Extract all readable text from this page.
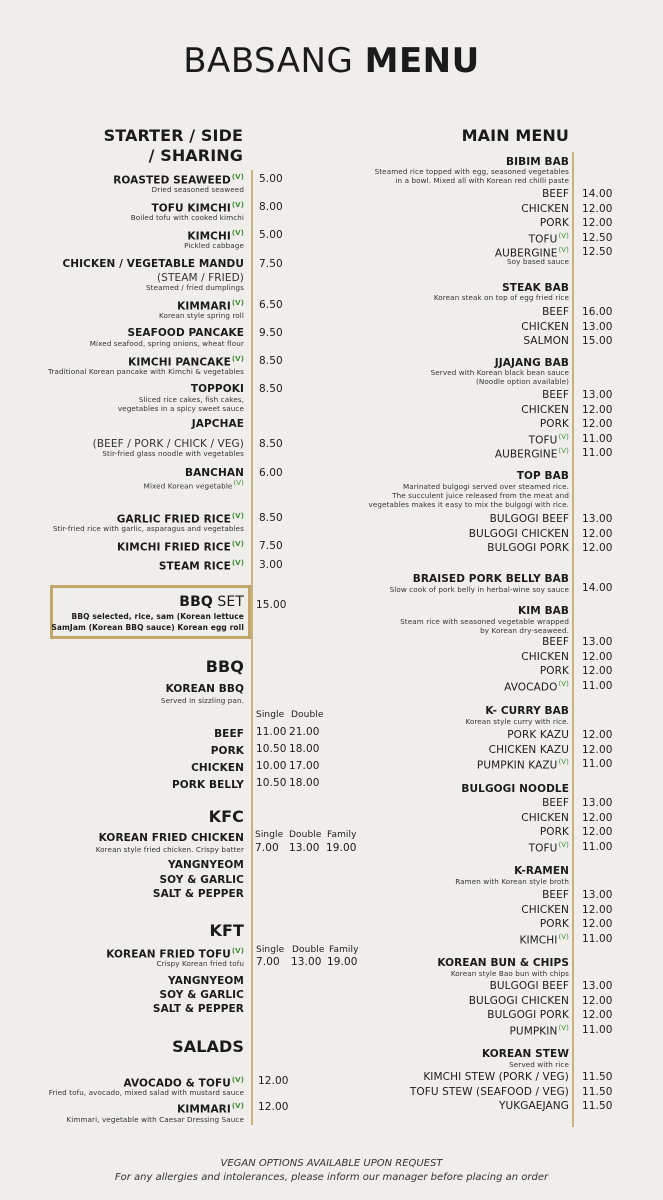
BABSANG MENU
STARTER / SIDE
/ SHARING
ROASTED $SEAWEED^{(V)}$
Dried seasoned seaweed
5.00
TOFU $KIMCHI^{(V)}$
Boiled tofu with cooked kimchi
8.00
$KIMCHI^{(V)}$
Pickled cabbage
5.00
CHICKEN / VEGETABLE MANDU
(STEAM / FRIED)
Steamed / fried dumplings
7.50
$KIMMARI^{(V)}$
Korean style spring roll
6.50
SEAFOOD PANCAKE
Mixed seafood, spring onions, wheat flour
9.50
KIMCHI $PANCAKE^{(V)}$
Traditional Korean pancake with Kimchi & vegetables
8.50
TOPPOKI
Sliced rice cakes, fish cakes,
vegetables in a spicy sweet sauce
8.50
JAPCHAE
(BEEF / PORK / CHICK / VEG)
Stir-fried glass noodle with vegetables
8.50
BANCHAN
Mixed Korean vegetable(V)
6.00
GARLIC FRIED $RICE^{(V)}$
Stir-fried rice with garlic, asparagus and vegetables
8.50
KIMCHI FRIED $RICE^{(V)}$ 7.50
STEAM $RICE^{(V)}$ 3.00
BBQ SET
BBQ selected, rice, sam (Korean lettuce
SamJam (Korean BBQ sauce) Korean egg roll
15.00
BBQ
KOREAN BBQ
Served in sizzling pan.
Single Double
BEEF 11.00 21.00
PORK 10.50 18.00
CHICKEN 10.00 17.00
PORK BELLY 10.50 18.00
KFC
KOREAN FRIED CHICKEN
Korean style fried chicken. Crispy batter
Single Double Family
7.00 13.00 19.00
YANGNYEOM
SOY & GARLIC
SALT & PEPPER
KFT
KOREAN FRIED $TOFU^{(V)}$
Crispy Korean fried tofu
Single Double Family
7.00 13.00 19.00
YANGNYEOM
SOY & GARLIC
SALT & PEPPER
SALADS
AVOCADO & $TOFU^{(V)}$
Fried tofu, avocado, mixed salad with mustard sauce
12.00
$KIMMARI^{(V)}$
Kimmari, vegetable with Caesar Dressing Sauce
12.00
MAIN MENU
BIBIM BAB
Steamed rice topped with egg, seasoned vegetables
in a bowl. Mixed all with Korean red chilli paste
BEEF 14.00
CHICKEN 12.00
PORK 12.00
$TOFU^{(V)}$ 12.50
$AUBERGINE^{(V)}$ 12.50
Soy based sauce
STEAK BAB
Korean steak on top of egg fried rice
BEEF 16.00
CHICKEN 13.00
SALMON 15.00
JJAJANG BAB
Served with Korean black bean sauce
(Noodle option available)
BEEF 13.00
CHICKEN 12.00
PORK 12.00
$TOFU^{(V)}$ 11.00
$AUBERGINE^{(V)}$ 11.00
TOP BAB
Marinated bulgogi served over steamed rice.
The succulent juice released from the meat and
vegetables makes it easy to mix the bulgogi with rice.
BULGOGI BEEF 13.00
BULGOGI CHICKEN 12.00
BULGOGI PORK 12.00
BRAISED PORK BELLY BAB
Slow cook of pork belly in herbal-wine soy sauce 14.00
KIM BAB
Steam rice with seasoned vegetable wrapped
by Korean dry-seaweed.
BEEF 13.00
CHICKEN 12.00
PORK 12.00
$AVOCADO^{(V)}$ 11.00
K- CURRY BAB
Korean style curry with rice.
PORK KAZU 12.00
CHICKEN KAZU 12.00
PUMPKIN $KAZU^{(V)}$ 11.00
BULGOGI NOODLE
BEEF 13.00
CHICKEN 12.00
PORK 12.00
$TOFU^{(V)}$ 11.00
K-RAMEN
Ramen with Korean style broth
BEEF 13.00
CHICKEN 12.00
PORK 12.00
$KIMCHI^{(V)}$ 11.00
KOREAN BUN & CHIPS
Korean style Bao bun with chips
BULGOGI BEEF 13.00
BULGOGI CHICKEN 12.00
BULGOGI PORK 12.00
$PUMPKIN^{(V)}$ 11.00
KOREAN STEW
Served with rice
KIMCHI STEW (PORK / VEG) 11.50
TOFU STEW (SEAFOOD / VEG) 11.50
YUKGAEJANG 11.50
VEGAN OPTIONS AVAILABLE UPON REQUEST
For any allergies and intolerances, please inform our manager before placing an order
